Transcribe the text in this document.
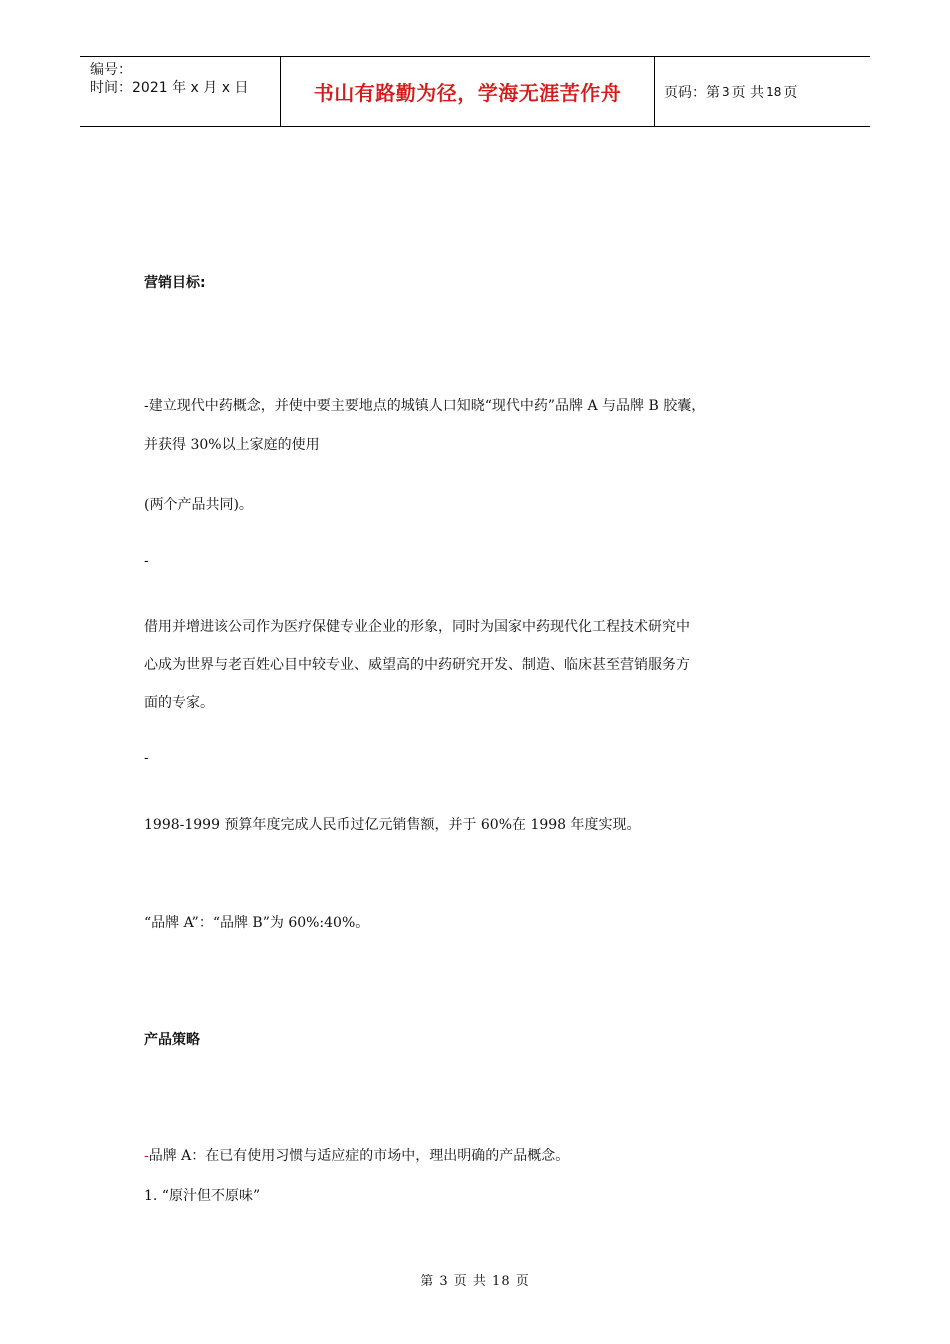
编号：
时间：2021 年 x 月 x 日	书山有路勤为径，学海无涯苦作舟	页码：第 3 页 共 18 页
营销目标:
-建立现代中药概念，并使中要主要地点的城镇人口知晓“现代中药”品牌 A 与品牌 B 胶囊，
并获得 30%以上家庭的使用
(两个产品共同)。
-
借用并增进该公司作为医疗保健专业企业的形象，同时为国家中药现代化工程技术研究中
心成为世界与老百姓心目中较专业、威望高的中药研究开发、制造、临床甚至营销服务方
面的专家。
-
1998-1999 预算年度完成人民币过亿元销售额，并于 60%在 1998 年度实现。
“品牌 A”：“品牌 B”为 60%:40%。
产品策略
-品牌 A：在已有使用习惯与适应症的市场中，理出明确的产品概念。
1. “原汁但不原味”
第 3 页 共 18 页
